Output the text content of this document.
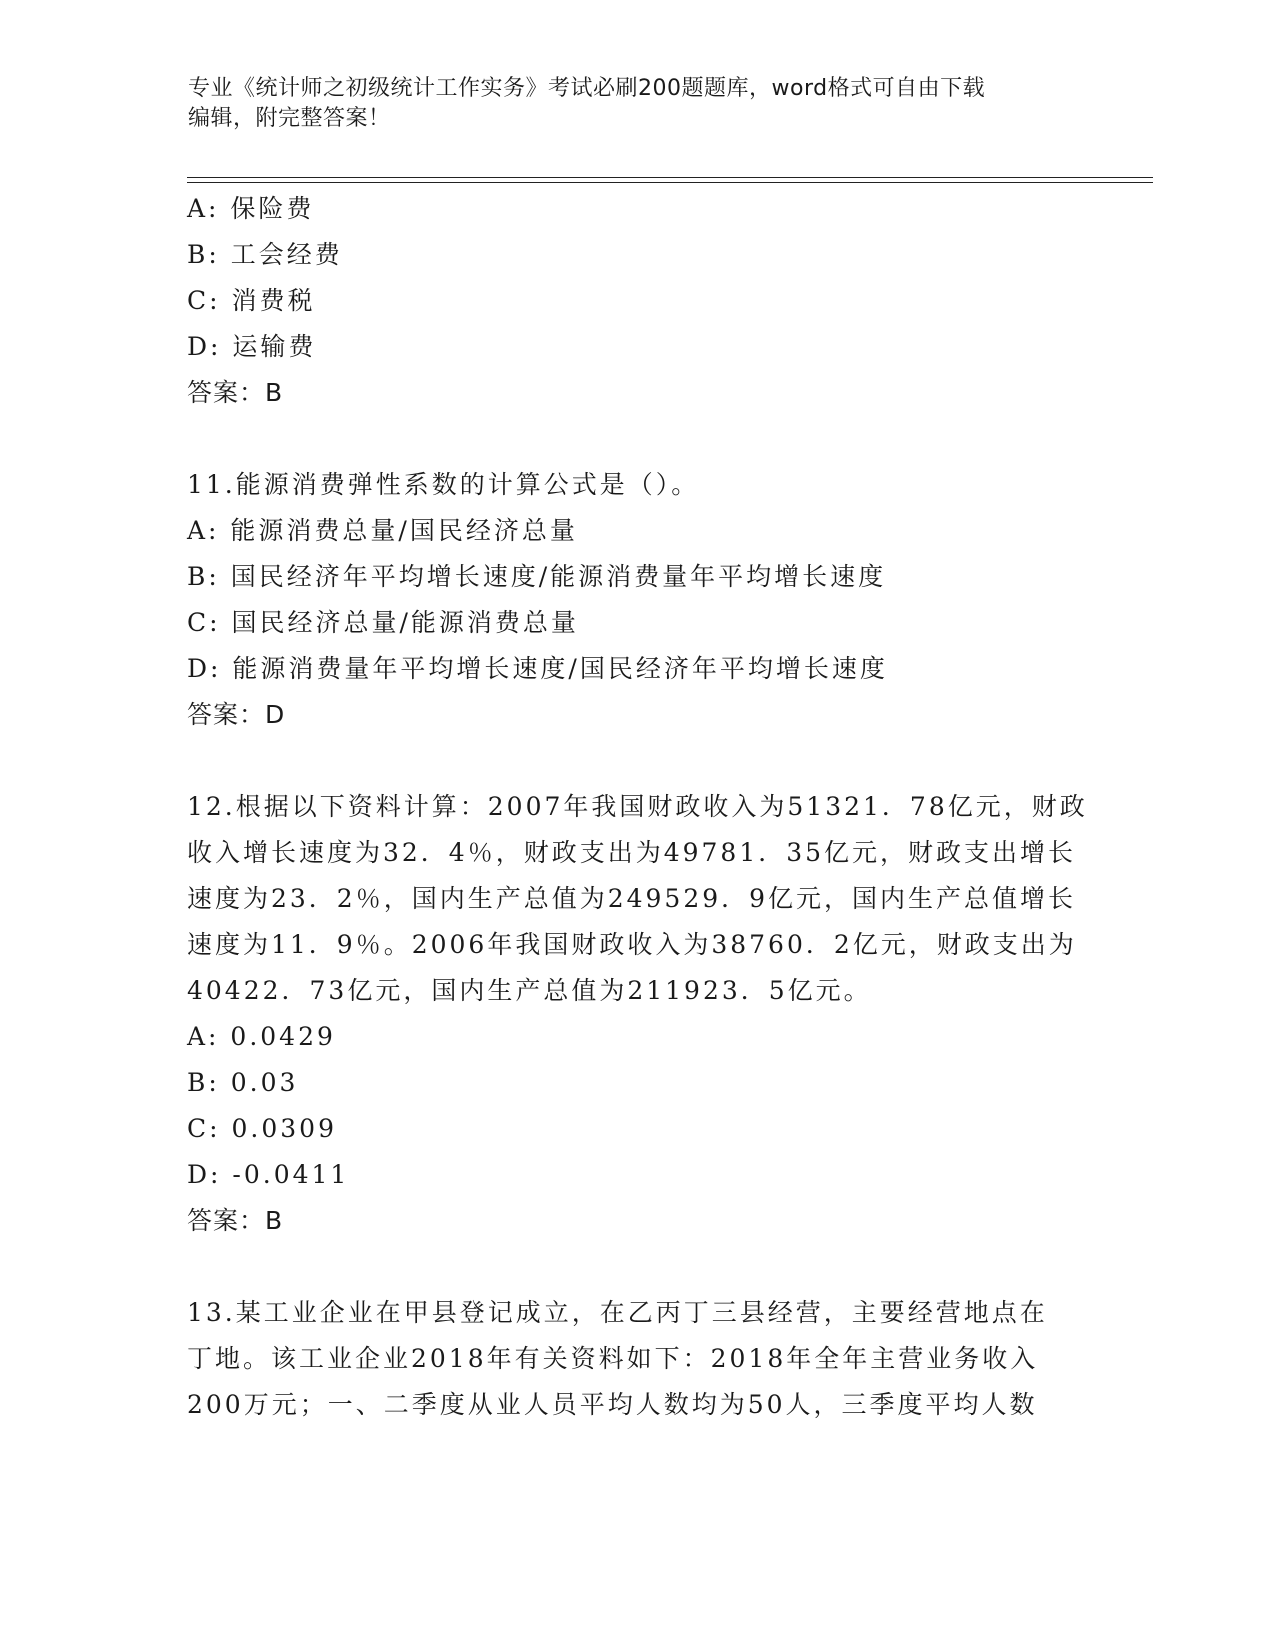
专业《统计师之初级统计工作实务》考试必刷200题题库，word格式可自由下载
编辑，附完整答案！
A: 保险费
B: 工会经费
C: 消费税
D: 运输费
答案：B
11.能源消费弹性系数的计算公式是（）。
A: 能源消费总量/国民经济总量
B: 国民经济年平均增长速度/能源消费量年平均增长速度
C: 国民经济总量/能源消费总量
D: 能源消费量年平均增长速度/国民经济年平均增长速度
答案：D
12.根据以下资料计算：2007年我国财政收入为51321．78亿元，财政
收入增长速度为32．4％，财政支出为49781．35亿元，财政支出增长
速度为23．2％，国内生产总值为249529．9亿元，国内生产总值增长
速度为11．9％。2006年我国财政收入为38760．2亿元，财政支出为
40422．73亿元，国内生产总值为211923．5亿元。
A: 0.0429
B: 0.03
C: 0.0309
D: -0.0411
答案：B
13.某工业企业在甲县登记成立，在乙丙丁三县经营，主要经营地点在
丁地。该工业企业2018年有关资料如下：2018年全年主营业务收入
200万元；一、二季度从业人员平均人数均为50人，三季度平均人数
